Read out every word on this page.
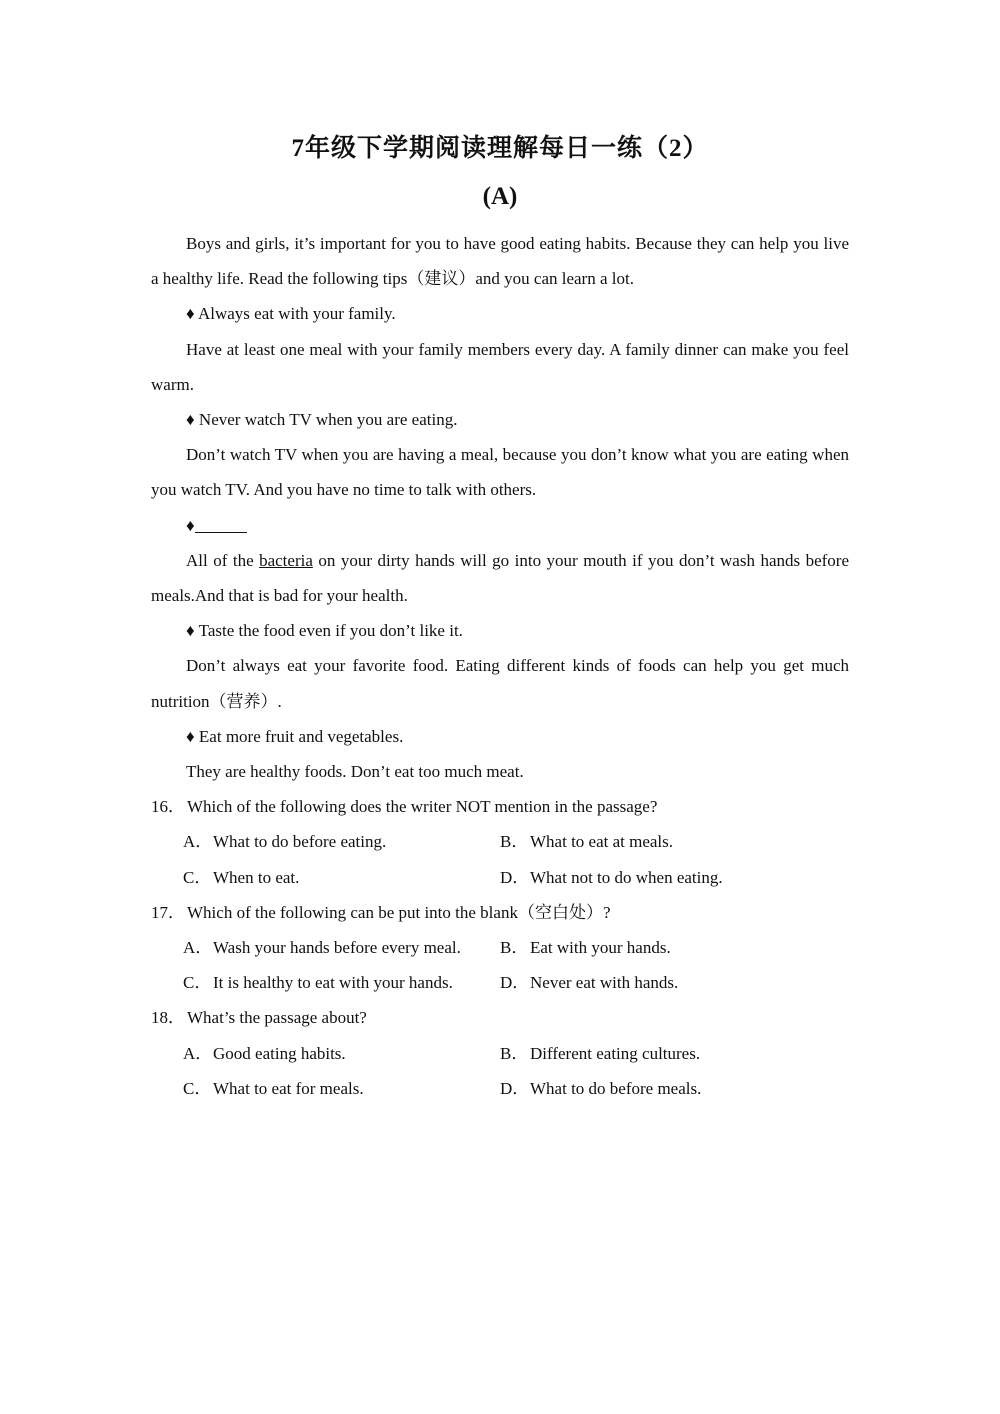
7年级下学期阅读理解每日一练（2）
(A)

Boys and girls, it’s important for you to have good eating habits. Because they can help you live a healthy life. Read the following tips（建议）and you can learn a lot.

♦ Always eat with your family.

Have at least one meal with your family members every day. A family dinner can make you feel warm.

♦ Never watch TV when you are eating.

Don’t watch TV when you are having a meal, because you don’t know what you are eating when you watch TV. And you have no time to talk with others.

♦

All of the bacteria on your dirty hands will go into your mouth if you don’t wash hands before meals.And that is bad for your health.

♦ Taste the food even if you don’t like it.

Don’t always eat your favorite food. Eating different kinds of foods can help you get much nutrition（营养）.

♦ Eat more fruit and vegetables.

They are healthy foods. Don’t eat too much meat.

16． Which of the following does the writer NOT mention in the passage?

A．What to do before eating.	B．What to eat at meals.

C．When to eat.	D．What not to do when eating.

17． Which of the following can be put into the blank（空白处）?

A．Wash your hands before every meal.	B．Eat with your hands.

C．It is healthy to eat with your hands.	D．Never eat with hands.

18． What’s the passage about?

A．Good eating habits.	B．Different eating cultures.

C．What to eat for meals.	D．What to do before meals.
